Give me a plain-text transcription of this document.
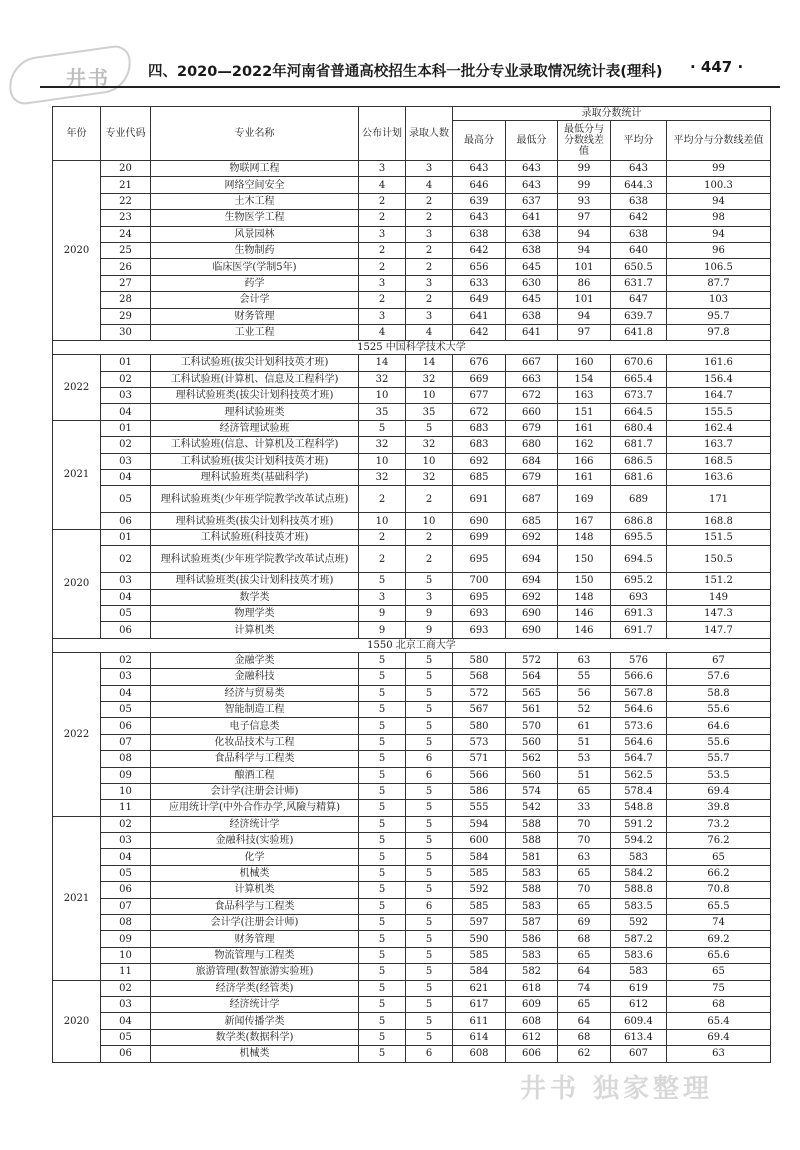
井书	四、2020—2022年河南省普通高校招生本科一批分专业录取情况统计表(理科) · 447 ·
年份	专业代码	专业名称	公布计划	录取人数	录取分数统计				
					最高分	最低分	最低分与分数线差值	平均分	平均分与分数线差值
2020	20	物联网工程	3	3	643	643	99	643	99
	21	网络空间安全	4	4	646	643	99	644.3	100.3
	22	土木工程	2	2	639	637	93	638	94
	23	生物医学工程	2	2	643	641	97	642	98
	24	风景园林	3	3	638	638	94	638	94
	25	生物制药	2	2	642	638	94	640	96
	26	临床医学(学制5年)	2	2	656	645	101	650.5	106.5
	27	药学	3	3	633	630	86	631.7	87.7
	28	会计学	2	2	649	645	101	647	103
	29	财务管理	3	3	641	638	94	639.7	95.7
	30	工业工程	4	4	642	641	97	641.8	97.8
1525 中国科学技术大学									
2022	01	工科试验班(拔尖计划科技英才班)	14	14	676	667	160	670.6	161.6
	02	工科试验班(计算机、信息及工程科学)	32	32	669	663	154	665.4	156.4
	03	理科试验班类(拔尖计划科技英才班)	10	10	677	672	163	673.7	164.7
	04	理科试验班类	35	35	672	660	151	664.5	155.5
2021	01	经济管理试验班	5	5	683	679	161	680.4	162.4
	02	工科试验班(信息、计算机及工程科学)	32	32	683	680	162	681.7	163.7
	03	工科试验班(拔尖计划科技英才班)	10	10	692	684	166	686.5	168.5
	04	理科试验班类(基础科学)	32	32	685	679	161	681.6	163.6
	05	理科试验班类(少年班学院教学改革试点班)	2	2	691	687	169	689	171
	06	理科试验班类(拔尖计划科技英才班)	10	10	690	685	167	686.8	168.8
2020	01	工科试验班(科技英才班)	2	2	699	692	148	695.5	151.5
	02	理科试验班类(少年班学院教学改革试点班)	2	2	695	694	150	694.5	150.5
	03	理科试验班类(拔尖计划科技英才班)	5	5	700	694	150	695.2	151.2
	04	数学类	3	3	695	692	148	693	149
	05	物理学类	9	9	693	690	146	691.3	147.3
	06	计算机类	9	9	693	690	146	691.7	147.7
1550 北京工商大学									
2022	02	金融学类	5	5	580	572	63	576	67
	03	金融科技	5	5	568	564	55	566.6	57.6
	04	经济与贸易类	5	5	572	565	56	567.8	58.8
	05	智能制造工程	5	5	567	561	52	564.6	55.6
	06	电子信息类	5	5	580	570	61	573.6	64.6
	07	化妆品技术与工程	5	5	573	560	51	564.6	55.6
	08	食品科学与工程类	5	6	571	562	53	564.7	55.7
	09	酿酒工程	5	6	566	560	51	562.5	53.5
	10	会计学(注册会计师)	5	5	586	574	65	578.4	69.4
	11	应用统计学(中外合作办学,风險与精算)	5	5	555	542	33	548.8	39.8
2021	02	经济统计学	5	5	594	588	70	591.2	73.2
	03	金融科技(实验班)	5	5	600	588	70	594.2	76.2
	04	化学	5	5	584	581	63	583	65
	05	机械类	5	5	585	583	65	584.2	66.2
	06	计算机类	5	5	592	588	70	588.8	70.8
	07	食品科学与工程类	5	6	585	583	65	583.5	65.5
	08	会计学(注册会计师)	5	5	597	587	69	592	74
	09	财务管理	5	5	590	586	68	587.2	69.2
	10	物流管理与工程类	5	5	585	583	65	583.6	65.6
	11	旅游管理(数智旅游实验班)	5	5	584	582	64	583	65
2020	02	经济学类(经管类)	5	5	621	618	74	619	75
	03	经济统计学	5	5	617	609	65	612	68
	04	新闻传播学类	5	5	611	608	64	609.4	65.4
	05	数学类(数据科学)	5	5	614	612	68	613.4	69.4
	06	机械类	5	6	608	606	62	607	63
井书 独家整理
